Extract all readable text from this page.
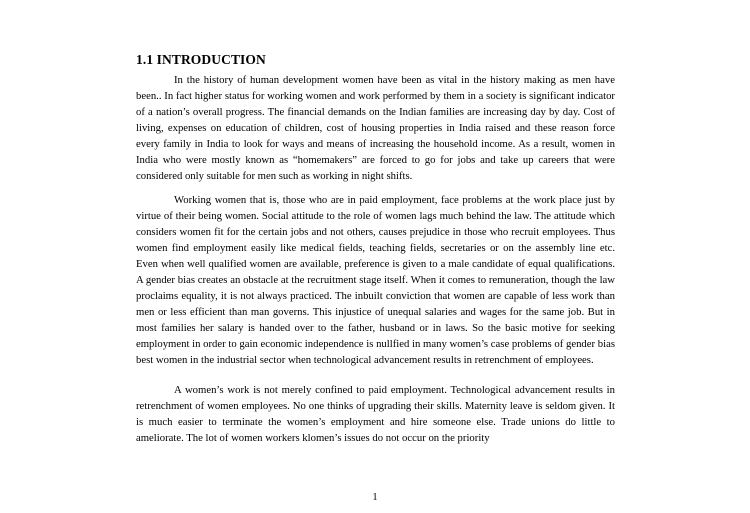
1.1 INTRODUCTION

In the history of human development women have been as vital in the history making as men have been.. In fact higher status for working women and work performed by them in a society is significant indicator of a nation’s overall progress. The financial demands on the Indian families are increasing day by day. Cost of living, expenses on education of children, cost of housing properties in India raised and these reason force every family in India to look for ways and means of increasing the household income. As a result, women in India who were mostly known as “homemakers” are forced to go for jobs and take up careers that were considered only suitable for men such as working in night shifts.

Working women that is, those who are in paid employment, face problems at the work place just by virtue of their being women. Social attitude to the role of women lags much behind the law. The attitude which considers women fit for the certain jobs and not others, causes prejudice in those who recruit employees. Thus women find employment easily like medical fields, teaching fields, secretaries or on the assembly line etc. Even when well qualified women are available, preference is given to a male candidate of equal qualifications. A gender bias creates an obstacle at the recruitment stage itself. When it comes to remuneration, though the law proclaims equality, it is not always practiced. The inbuilt conviction that women are capable of less work than men or less efficient than man governs. This injustice of unequal salaries and wages for the same job. But in most families her salary is handed over to the father, husband or in laws. So the basic motive for seeking employment in order to gain economic independence is nullfied in many women’s case problems of gender bias best women in the industrial sector when technological advancement results in retrenchment of employees.

A women’s work is not merely confined to paid employment. Technological advancement results in retrenchment of women employees. No one thinks of upgrading their skills. Maternity leave is seldom given. It is much easier to terminate the women’s employment and hire someone else. Trade unions do little to ameliorate. The lot of women workers klomen’s issues do not occur on the priority

1
